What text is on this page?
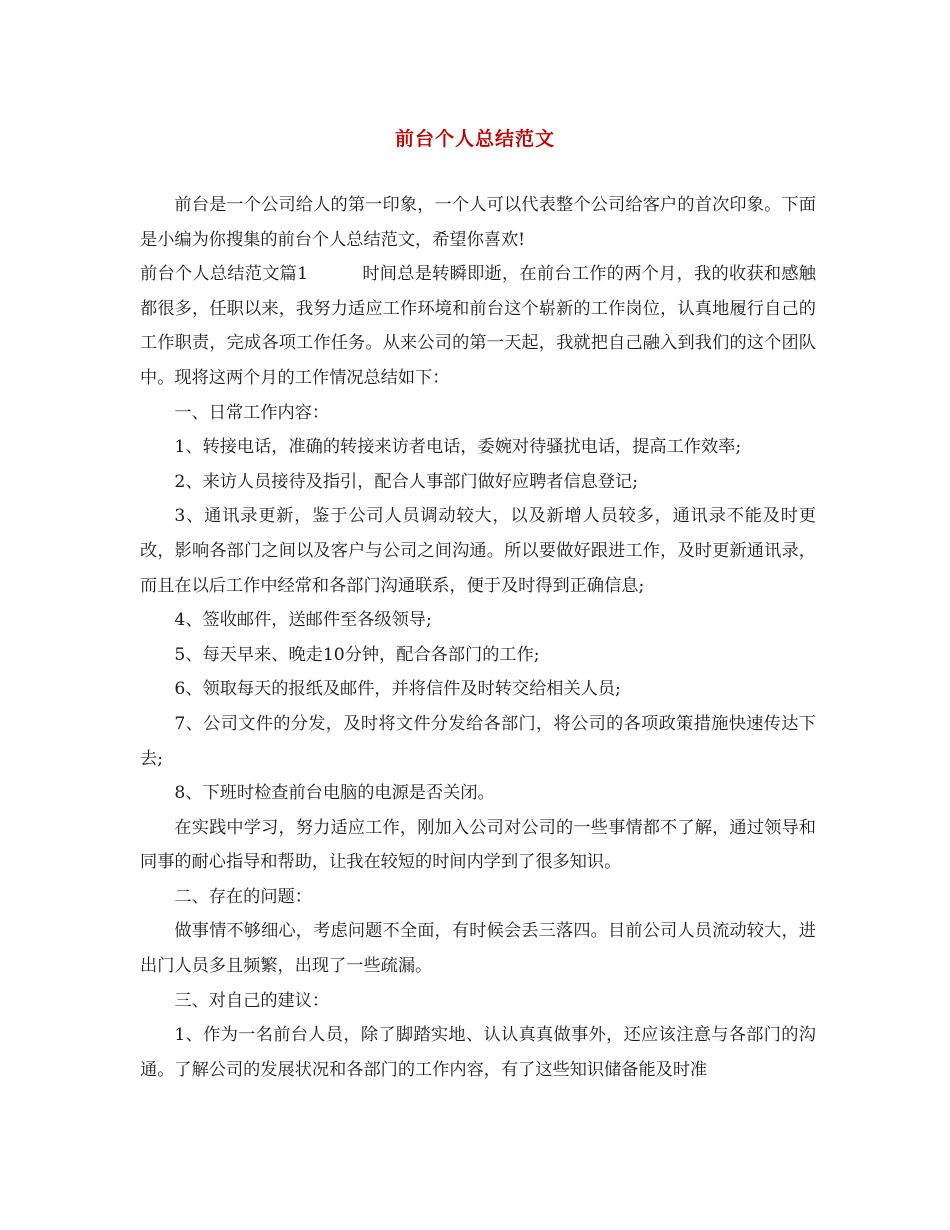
前台个人总结范文

前台是一个公司给人的第一印象，一个人可以代表整个公司给客户的首次印象。下面是小编为你搜集的前台个人总结范文，希望你喜欢!

前台个人总结范文篇1	时间总是转瞬即逝，在前台工作的两个月，我的收获和感触都很多，任职以来，我努力适应工作环境和前台这个崭新的工作岗位，认真地履行自己的工作职责，完成各项工作任务。从来公司的第一天起，我就把自己融入到我们的这个团队中。现将这两个月的工作情况总结如下：

一、日常工作内容：

1、转接电话，准确的转接来访者电话，委婉对待骚扰电话，提高工作效率;

2、来访人员接待及指引，配合人事部门做好应聘者信息登记;

3、通讯录更新，鉴于公司人员调动较大，以及新增人员较多，通讯录不能及时更改，影响各部门之间以及客户与公司之间沟通。所以要做好跟进工作，及时更新通讯录，而且在以后工作中经常和各部门沟通联系，便于及时得到正确信息;

4、签收邮件，送邮件至各级领导;

5、每天早来、晚走10分钟，配合各部门的工作;

6、领取每天的报纸及邮件，并将信件及时转交给相关人员;

7、公司文件的分发，及时将文件分发给各部门，将公司的各项政策措施快速传达下去;

8、下班时检查前台电脑的电源是否关闭。

在实践中学习，努力适应工作，刚加入公司对公司的一些事情都不了解，通过领导和同事的耐心指导和帮助，让我在较短的时间内学到了很多知识。

二、存在的问题：

做事情不够细心，考虑问题不全面，有时候会丢三落四。目前公司人员流动较大，进出门人员多且频繁，出现了一些疏漏。

三、对自己的建议：

1、作为一名前台人员，除了脚踏实地、认认真真做事外，还应该注意与各部门的沟通。了解公司的发展状况和各部门的工作内容，有了这些知识储备能及时准
